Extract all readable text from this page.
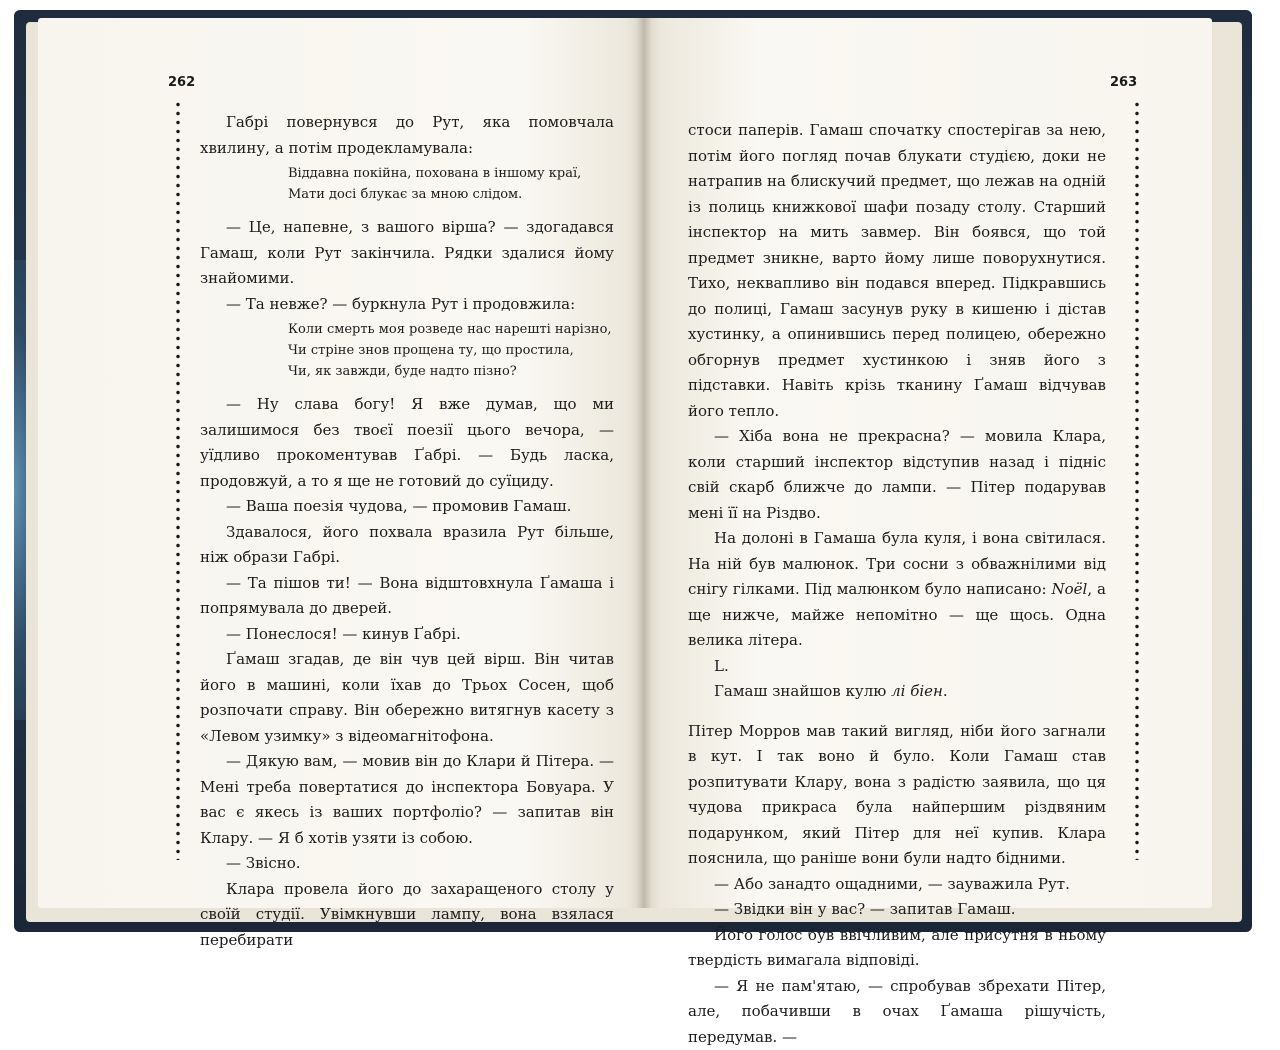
262

Габрі повернувся до Рут, яка помовчала хвилину, а потім продекламувала:

Віддавна покійна, похована в іншому краї,
Мати досі блукає за мною слідом.

— Це, напевне, з вашого вірша? — здогадався Гамаш, коли Рут закінчила. Рядки здалися йому знайомими.

— Та невже? — буркнула Рут і продовжила:

Коли смерть моя розведе нас нарешті нарізно,
Чи стріне знов прощена ту, що простила,
Чи, як завжди, буде надто пізно?

— Ну слава богу! Я вже думав, що ми залишимося без твоєї поезії цього вечора, — уїдливо прокоментував Ґабрі. — Будь ласка, продовжуй, а то я ще не готовий до суїциду.

— Ваша поезія чудова, — промовив Гамаш.

Здавалося, його похвала вразила Рут більше, ніж образи Габрі.

— Та пішов ти! — Вона відштовхнула Ґамаша і попрямувала до дверей.

— Понеслося! — кинув Ґабрі.

Ґамаш згадав, де він чув цей вірш. Він читав його в машині, коли їхав до Трьох Сосен, щоб розпочати справу. Він обережно витягнув касету з «Левом узимку» з відеомагнітофона.

— Дякую вам, — мовив він до Клари й Пітера. — Мені треба повертатися до інспектора Бовуара. У вас є якесь із ваших портфоліо? — запитав він Клару. — Я б хотів узяти із собою.

— Звісно.

Клара провела його до захаращеного столу у своїй студії. Увімкнувши лампу, вона взялася перебирати

263

стоси паперів. Гамаш спочатку спостерігав за нею, потім його погляд почав блукати студією, доки не натрапив на блискучий предмет, що лежав на одній із полиць книжкової шафи позаду столу. Старший інспектор на мить завмер. Він боявся, що той предмет зникне, варто йому лише поворухнутися. Тихо, неквапливо він подався вперед. Підкравшись до полиці, Гамаш засунув руку в кишеню і дістав хустинку, а опинившись перед полицею, обережно обгорнув предмет хустинкою і зняв його з підставки. Навіть крізь тканину Ґамаш відчував його тепло.

— Хіба вона не прекрасна? — мовила Клара, коли старший інспектор відступив назад і підніс свій скарб ближче до лампи. — Пітер подарував мені її на Різдво.

На долоні в Гамаша була куля, і вона світилася. На ній був малюнок. Три сосни з обважнілими від снігу гілками. Під малюнком було написано: Noël, а ще нижче, майже непомітно — ще щось. Одна велика літера.

L.

Гамаш знайшов кулю лі біен.

Пітер Морров мав такий вигляд, ніби його загнали в кут. І так воно й було. Коли Гамаш став розпитувати Клару, вона з радістю заявила, що ця чудова прикраса була найпершим різдвяним подарунком, який Пітер для неї купив. Клара пояснила, що раніше вони були надто бідними.

— Або занадто ощадними, — зауважила Рут.

— Звідки він у вас? — запитав Гамаш.

Його голос був ввічливим, але присутня в ньому твердість вимагала відповіді.

— Я не пам'ятаю, — спробував збрехати Пітер, але, побачивши в очах Ґамаша рішучість, передумав. —
